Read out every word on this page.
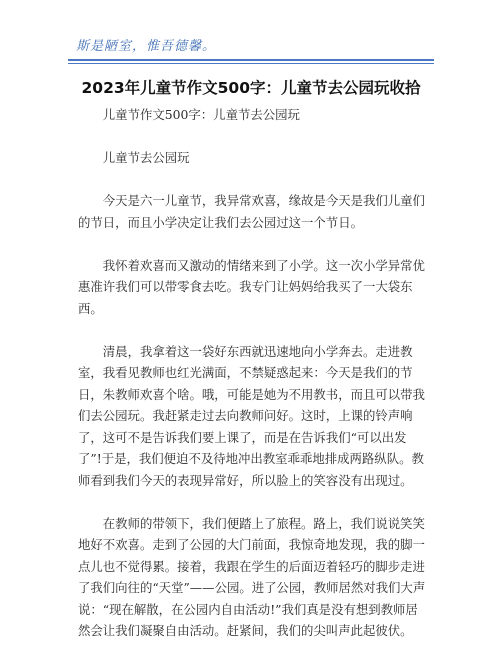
斯是陋室，惟吾德馨。
2023年儿童节作文500字：儿童节去公园玩收拾

儿童节作文500字：儿童节去公园玩

儿童节去公园玩

今天是六一儿童节，我异常欢喜，缘故是今天是我们儿童们的节日，而且小学决定让我们去公园过这一个节日。

我怀着欢喜而又激动的情绪来到了小学。这一次小学异常优惠准许我们可以带零食去吃。我专门让妈妈给我买了一大袋东西。

清晨，我拿着这一袋好东西就迅速地向小学奔去。走进教室，我看见教师也红光满面，不禁疑惑起来：今天是我们的节日，朱教师欢喜个啥。哦，可能是她为不用教书，而且可以带我们去公园玩。我赶紧走过去向教师问好。这时，上课的铃声响了，这可不是告诉我们要上课了，而是在告诉我们“可以出发了”!于是，我们便迫不及待地冲出教室乖乖地排成两路纵队。教师看到我们今天的表现异常好，所以脸上的笑容没有出现过。

在教师的带领下，我们便踏上了旅程。路上，我们说说笑笑地好不欢喜。走到了公园的大门前面，我惊奇地发现，我的脚一点儿也不觉得累。接着，我跟在学生的后面迈着轻巧的脚步走进了我们向往的“天堂”——公园。进了公园，教师居然对我们大声说：“现在解散，在公园内自由活动!”我们真是没有想到教师居然会让我们凝聚自由活动。赶紧间，我们的尖叫声此起彼伏。
